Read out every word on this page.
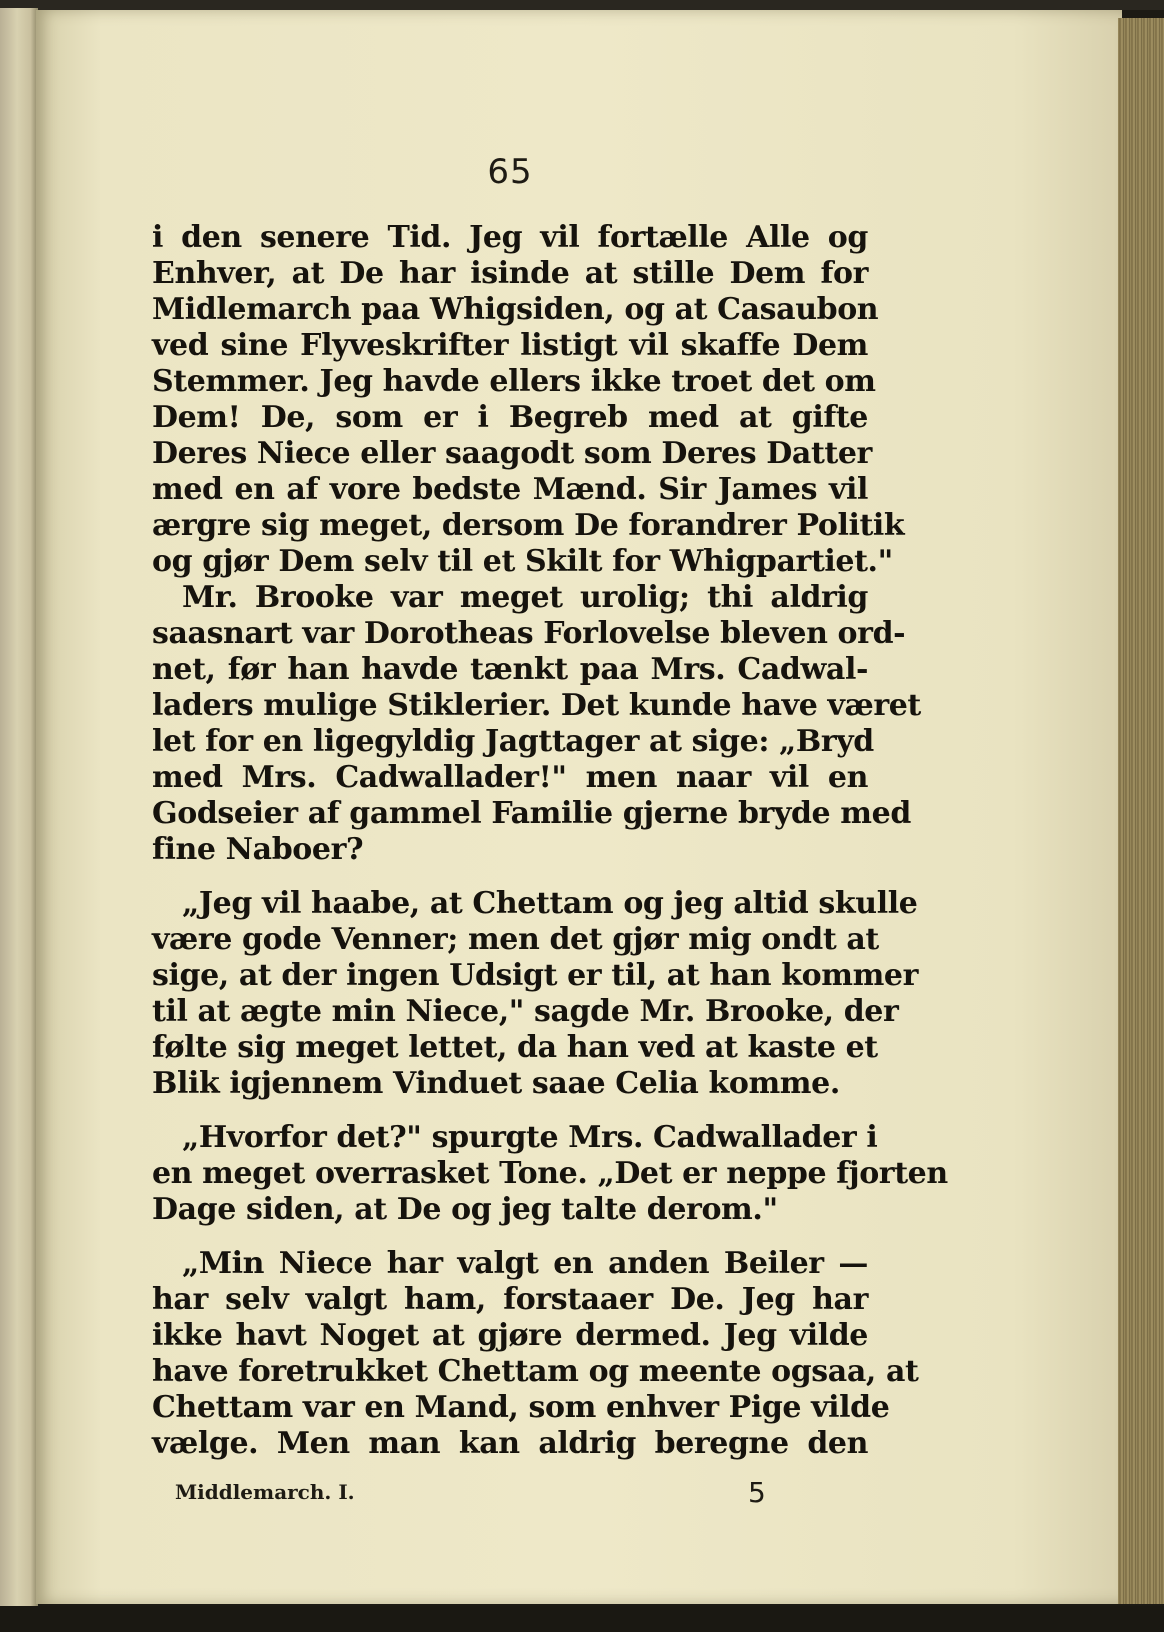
65
i den senere Tid. Jeg vil fortælle Alle og
Enhver, at De har isinde at stille Dem for
Midlemarch paa Whigsiden, og at Casaubon
ved sine Flyveskrifter listigt vil skaffe Dem
Stemmer. Jeg havde ellers ikke troet det om
Dem! De, som er i Begreb med at gifte
Deres Niece eller saagodt som Deres Datter
med en af vore bedste Mænd. Sir James vil
ærgre sig meget, dersom De forandrer Politik
og gjør Dem selv til et Skilt for Whigpartiet."
Mr. Brooke var meget urolig; thi aldrig
saasnart var Dorotheas Forlovelse bleven ord-
net, før han havde tænkt paa Mrs. Cadwal-
laders mulige Stiklerier. Det kunde have været
let for en ligegyldig Jagttager at sige: „Bryd
med Mrs. Cadwallader!" men naar vil en
Godseier af gammel Familie gjerne bryde med
fine Naboer?
„Jeg vil haabe, at Chettam og jeg altid skulle
være gode Venner; men det gjør mig ondt at
sige, at der ingen Udsigt er til, at han kommer
til at ægte min Niece," sagde Mr. Brooke, der
følte sig meget lettet, da han ved at kaste et
Blik igjennem Vinduet saae Celia komme.
„Hvorfor det?" spurgte Mrs. Cadwallader i
en meget overrasket Tone. „Det er neppe fjorten
Dage siden, at De og jeg talte derom."
„Min Niece har valgt en anden Beiler —
har selv valgt ham, forstaaer De. Jeg har
ikke havt Noget at gjøre dermed. Jeg vilde
have foretrukket Chettam og meente ogsaa, at
Chettam var en Mand, som enhver Pige vilde
vælge. Men man kan aldrig beregne den
Middlemarch. I.	5
